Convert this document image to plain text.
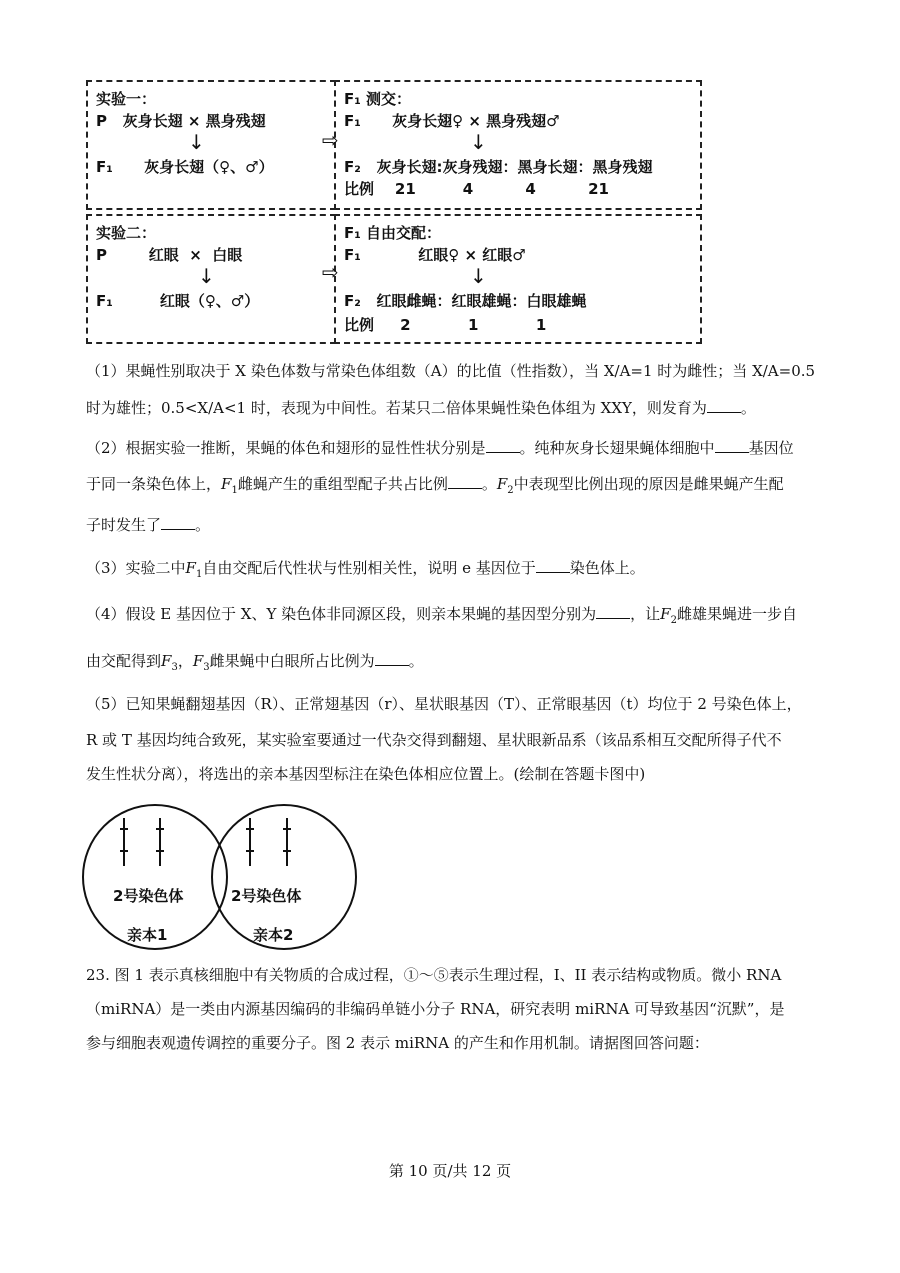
实验一：
P   灰身长翅 × 黑身残翅
↓
F₁      灰身长翅（♀、♂）
⇨
F₁ 测交：
F₁      灰身长翅♀ × 黑身残翅♂
↓
F₂   灰身长翅:灰身残翅：黑身长翅：黑身残翅
比例    21         4          4          21
实验二：
P        红眼  ×  白眼
↓
F₁         红眼（♀、♂）
⇨
F₁ 自由交配：
F₁           红眼♀ × 红眼♂
↓
F₂   红眼雌蝇：红眼雄蝇：白眼雄蝇
比例     2           1           1
（1）果蝇性别取决于 X 染色体数与常染色体组数（A）的比值（性指数），当 X/A=1 时为雌性；当 X/A=0.5
时为雄性；0.5<X/A<1 时，表现为中间性。若某只二倍体果蝇性染色体组为 XXY，则发育为 。
（2）根据实验一推断，果蝇的体色和翅形的显性性状分别是 。纯种灰身长翅果蝇体细胞中 基因位
于同一条染色体上，$F_1$雌蝇产生的重组型配子共占比例 。$F_2$中表现型比例出现的原因是雌果蝇产生配
子时发生了 。
（3）实验二中$F_1$自由交配后代性状与性别相关性，说明 e 基因位于 染色体上。
（4）假设 E 基因位于 X、Y 染色体非同源区段，则亲本果蝇的基因型分别为 ，让$F_2$雌雄果蝇进一步自
由交配得到$F_3$，$F_3$雌果蝇中白眼所占比例为 。
（5）已知果蝇翻翅基因（R）、正常翅基因（r）、星状眼基因（T）、正常眼基因（t）均位于 2 号染色体上，
R 或 T 基因均纯合致死，某实验室要通过一代杂交得到翻翅、星状眼新品系（该品系相互交配所得子代不
发生性状分离），将选出的亲本基因型标注在染色体相应位置上。(绘制在答题卡图中)
2号染色体
亲本1
2号染色体
亲本2
23. 图 1 表示真核细胞中有关物质的合成过程，①～⑤表示生理过程，I、II 表示结构或物质。微小 RNA
（miRNA）是一类由内源基因编码的非编码单链小分子 RNA，研究表明 miRNA 可导致基因“沉默”，是
参与细胞表观遗传调控的重要分子。图 2 表示 miRNA 的产生和作用机制。请据图回答问题：
第 10 页/共 12 页
